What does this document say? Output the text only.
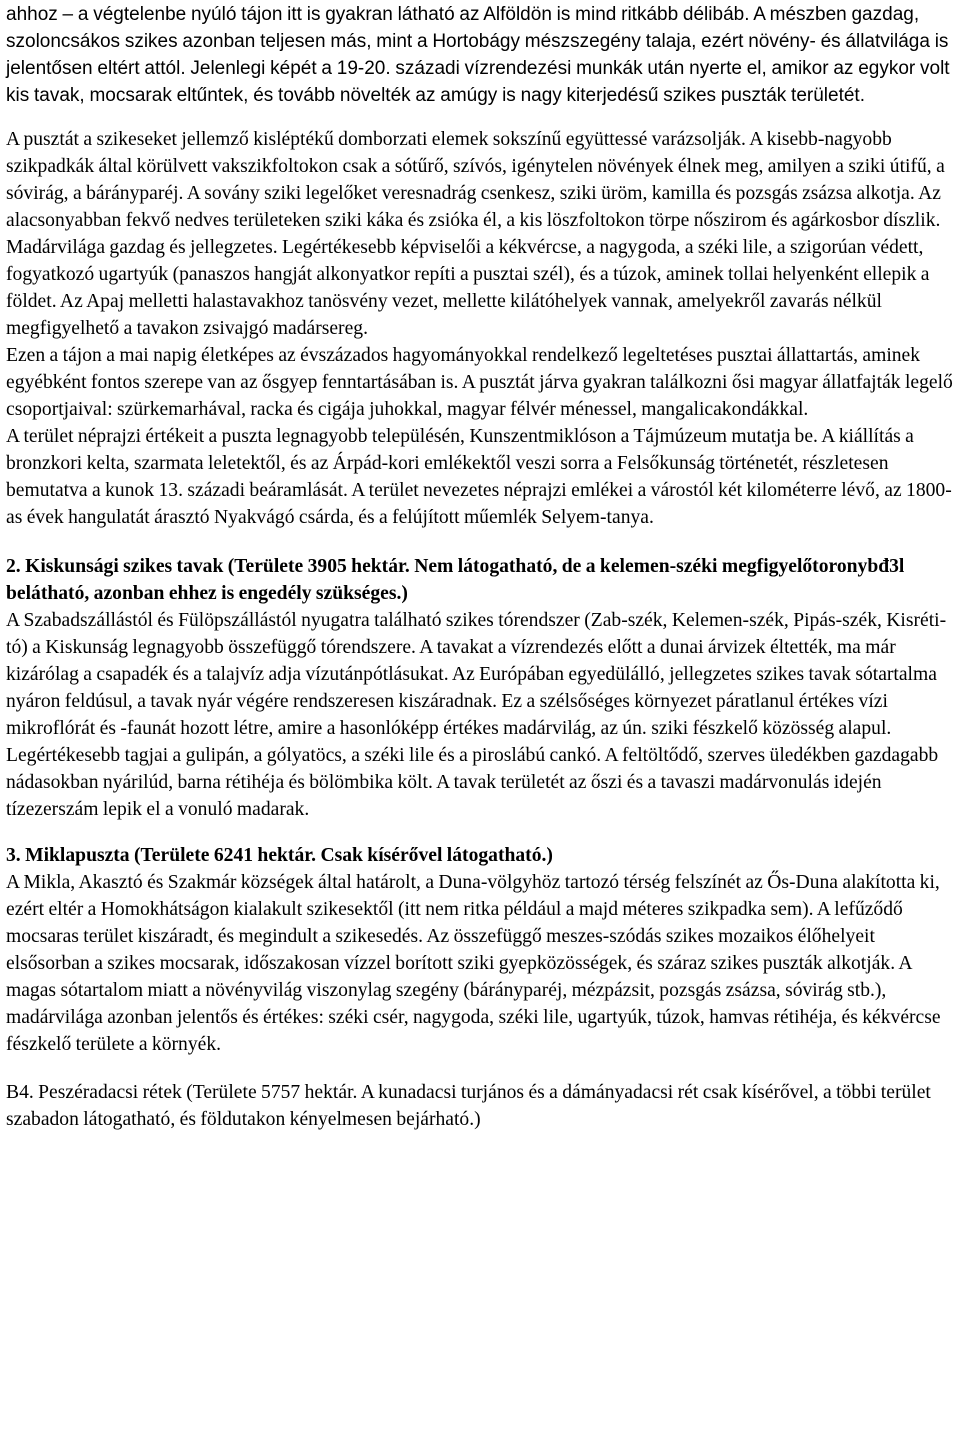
ahhoz – a végtelenbe nyúló tájon itt is gyakran látható az Alföldön is mind ritkább délibáb. A mészben gazdag, szoloncsákos szikes azonban teljesen más, mint a Hortobágy mészszegény talaja, ezért növény- és állatvilága is jelentősen eltért attól. Jelenlegi képét a 19-20. századi vízrendezési munkák után nyerte el, amikor az egykor volt kis tavak, mocsarak eltűntek, és tovább növelték az amúgy is nagy kiterjedésű szikes puszták területét.

A pusztát a szikeseket jellemző kisléptékű domborzati elemek sokszínű együttessé varázsolják. A kisebb-nagyobb szikpadkák által körülvett vakszikfoltokon csak a sótűrő, szívós, igénytelen növények élnek meg, amilyen a sziki útifű, a sóvirág, a bárányparéj. A sovány sziki legelőket veresnadrág csenkesz, sziki üröm, kamilla és pozsgás zsázsa alkotja. Az alacsonyabban fekvő nedves területeken sziki káka és zsióka él, a kis löszfoltokon törpe nőszirom és agárkosbor díszlik. Madárvilága gazdag és jellegzetes. Legértékesebb képviselői a kékvércse, a nagygoda, a széki lile, a szigorúan védett, fogyatkozó ugartyúk (panaszos hangját alkonyatkor repíti a pusztai szél), és a túzok, aminek tollai helyenként ellepik a földet. Az Apaj melletti halastavakhoz tanösvény vezet, mellette kilátóhelyek vannak, amelyekről zavarás nélkül megfigyelhető a tavakon zsivajgó madársereg.

Ezen a tájon a mai napig életképes az évszázados hagyományokkal rendelkező legeltetéses pusztai állattartás, aminek egyébként fontos szerepe van az ősgyep fenntartásában is. A pusztát járva gyakran találkozni ősi magyar állatfajták legelő csoportjaival: szürkemarhával, racka és cigája juhokkal, magyar félvér ménessel, mangalicakondákkal.

A terület néprajzi értékeit a puszta legnagyobb településén, Kunszentmiklóson a Tájmúzeum mutatja be. A kiállítás a bronzkori kelta, szarmata leletektől, és az Árpád-kori emlékektől veszi sorra a Felsőkunság történetét, részletesen bemutatva a kunok 13. századi beáramlását. A terület nevezetes néprajzi emlékei a várostól két kilométerre lévő, az 1800-as évek hangulatát árasztó Nyakvágó csárda, és a felújított műemlék Selyem-tanya.

2. Kiskunsági szikes tavak (Területe 3905 hektár. Nem látogatható, de a kelemen-széki megfigyelőtoronybđ3l belátható, azonban ehhez is engedély szükséges.)

A Szabadszállástól és Fülöpszállástól nyugatra található szikes tórendszer (Zab-szék, Kelemen-szék, Pipás-szék, Kisréti-tó) a Kiskunság legnagyobb összefüggő tórendszere. A tavakat a vízrendezés előtt a dunai árvizek éltették, ma már kizárólag a csapadék és a talajvíz adja vízutánpótlásukat. Az Európában egyedülálló, jellegzetes szikes tavak sótartalma nyáron feldúsul, a tavak nyár végére rendszeresen kiszáradnak. Ez a szélsőséges környezet páratlanul értékes vízi mikroflórát és -faunát hozott létre, amire a hasonlóképp értékes madárvilág, az ún. sziki fészkelő közösség alapul. Legértékesebb tagjai a gulipán, a gólyatöcs, a széki lile és a piroslábú cankó. A feltöltődő, szerves üledékben gazdagabb nádasokban nyárilúd, barna rétihéja és bölömbika költ. A tavak területét az őszi és a tavaszi madárvonulás idején tízezerszám lepik el a vonuló madarak.

3. Miklapuszta (Területe 6241 hektár. Csak kísérővel látogatható.)

A Mikla, Akasztó és Szakmár községek által határolt, a Duna-völgyhöz tartozó térség felszínét az Ős-Duna alakította ki, ezért eltér a Homokhátságon kialakult szikesektől (itt nem ritka például a majd méteres szikpadka sem). A lefűződő mocsaras terület kiszáradt, és megindult a szikesedés. Az összefüggő meszes-szódás szikes mozaikos élőhelyeit elsősorban a szikes mocsarak, időszakosan vízzel borított sziki gyepközösségek, és száraz szikes puszták alkotják. A magas sótartalom miatt a növényvilág viszonylag szegény (bárányparéj, mézpázsit, pozsgás zsázsa, sóvirág stb.), madárvilága azonban jelentős és értékes: széki csér, nagygoda, széki lile, ugartyúk, túzok, hamvas rétihéja, és kékvércse fészkelő területe a környék.

B4. Peszéradacsi rétek (Területe 5757 hektár. A kunadacsi turjános és a dámányadacsi rét csak kísérővel, a többi terület szabadon látogatható, és földutakon kényelmesen bejárható.)
